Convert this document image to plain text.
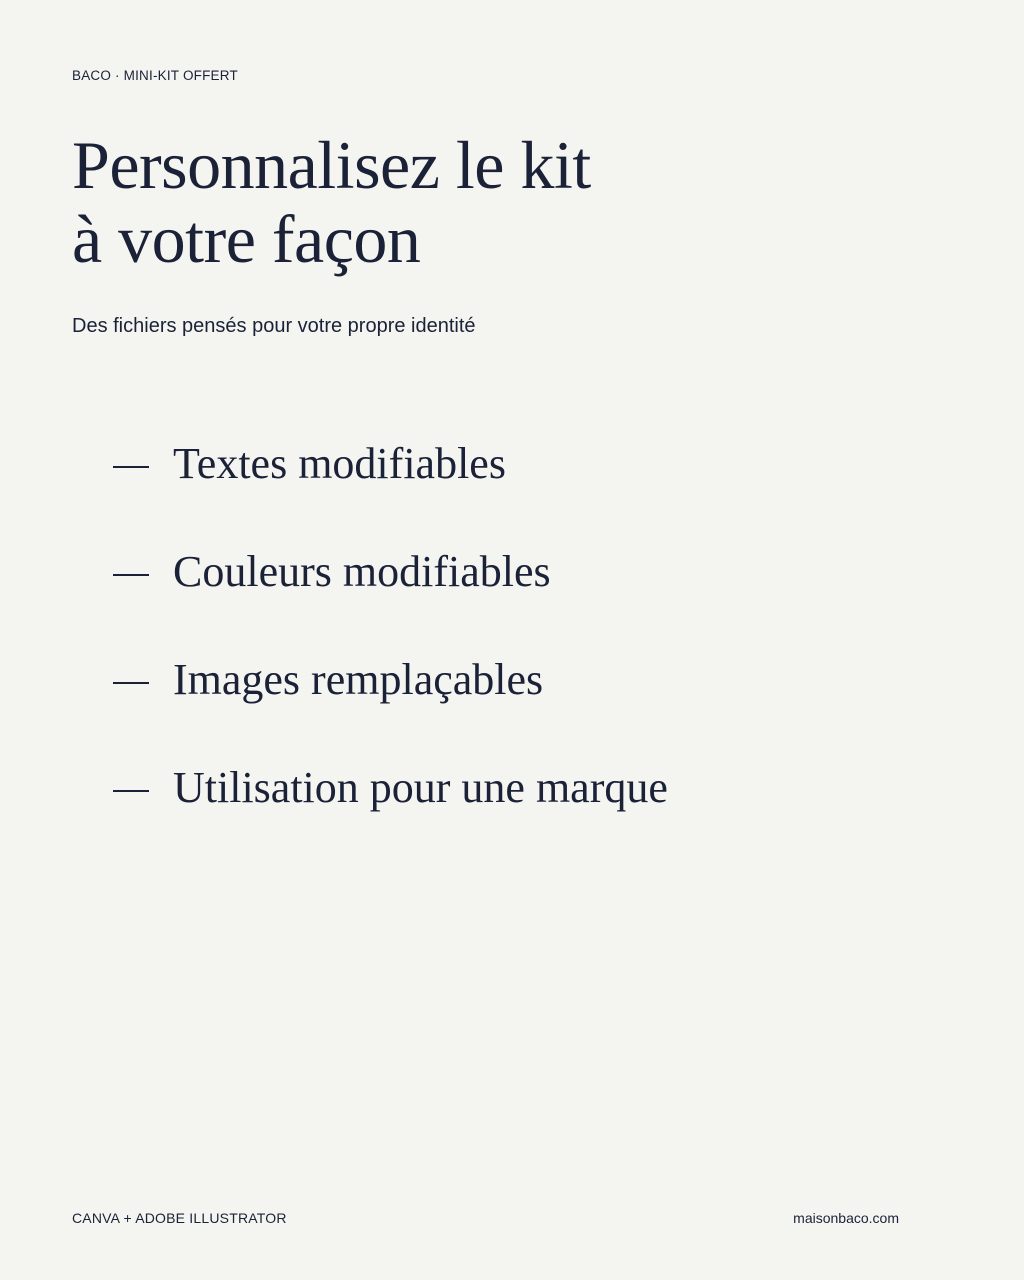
BACO · MINI-KIT OFFERT
Personnalisez le kit
à votre façon
Des fichiers pensés pour votre propre identité
Textes modifiables
Couleurs modifiables
Images remplaçables
Utilisation pour une marque
CANVA + ADOBE ILLUSTRATOR	maisonbaco.com
